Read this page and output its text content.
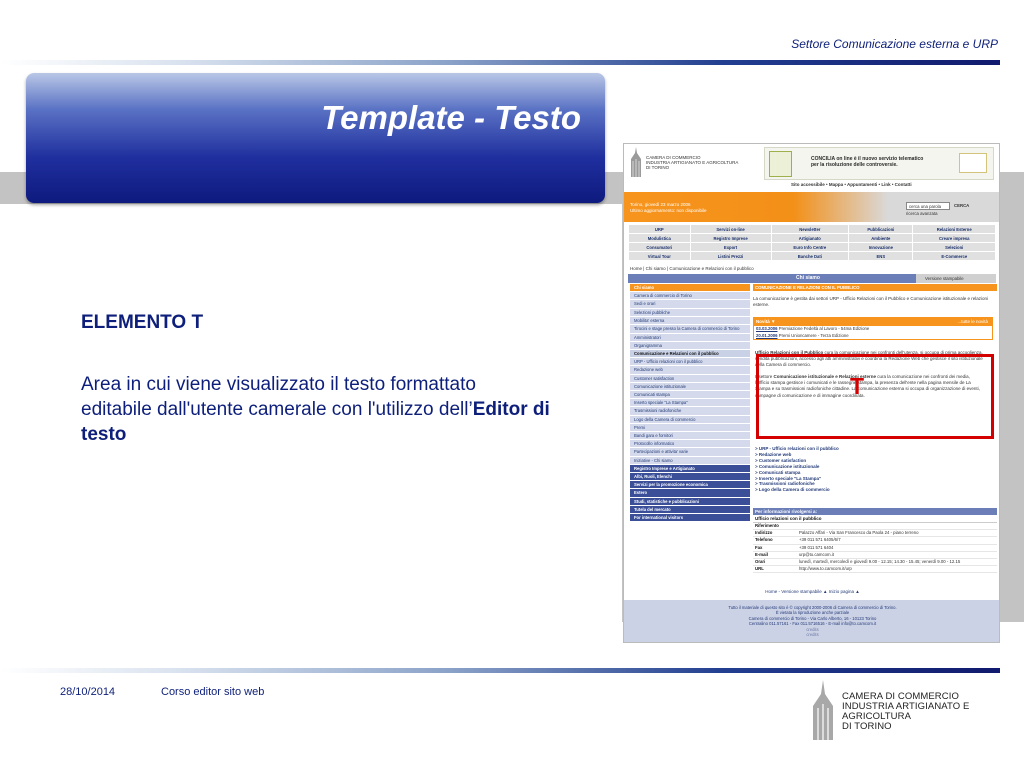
Settore Comunicazione esterna e URP
Template - Testo
ELEMENTO T
Area in cui viene visualizzato il testo formattato editabile dall'utente camerale con l'utilizzo dell’Editor di testo
CAMERA DI COMMERCIO
INDUSTRIA ARTIGIANATO E AGRICOLTURA
DI TORINO
CONCILIA on line è il nuovo servizio telematico
per la risoluzione delle controversie.
Sito accessibile • Mappa • Appuntamenti • Link • Contatti
Torino, giovedì 23 marzo 2006
Ultimo aggiornamento: non disponibile
cerca una parola	CERCA
ricerca avanzata
URP	Servizi on-line	Newsletter	Pubblicazioni	Relazioni Esterne
Modulistica	Registro Imprese	Artigianato	Ambiente	Creare impresa
Consumatori	Export	Euro Info Centre	Innovazione	Selezioni
Virtual Tour	Listini Prezzi	Banche Dati	ENS	E-Commerce
Home | Chi siamo | Comunicazione e Relazioni con il pubblico
Chi siamo	Versione stampabile
Chi siamo
Camera di commercio di Torino
Sedi e orari
Selezioni pubbliche
Mobilita' esterna
Tirocini e stage presso la Camera di commercio di Torino
Amministratori
Organigramma
Comunicazione e Relazioni con il pubblico
URP - Ufficio relazioni con il pubblico
Redazione web
Customer satisfaction
Comunicazione istituzionale
Comunicati stampa
Inserto speciale "La Stampa"
Trasmissioni radiofoniche
Logo della Camera di commercio
Premi
Bandi gara e fornitori
Protocollo informatico
Partecipazioni e attivita' varie
Iniziative - Chi siamo
Registro Imprese e Artigianato
Albi, Ruoli, Elenchi
Servizi per la promozione economica
Estero
Studi, statistiche e pubblicazioni
Tutela del mercato
For international visitors
COMUNICAZIONE E RELAZIONI CON IL PUBBLICO
La comunicazione è gestita dai settori URP - Ufficio Relazioni con il Pubblico e Comunicazione istituzionale e relazioni esterne.
Novità ▼	...tutte le novità
03.03.2006 Premiazione Fedeltà al Lavoro - 54ma Edizione
20.01.2006 Premi Unioncamere - Terza Edizione

Ufficio Relazioni con il Pubblico cura la comunicazione nei confronti dell'utenza, si occupa di prima accoglienza, vendita pubblicazioni, accesso agli atti amministrativi e coordina la Redazione Web che gestisce il sito istituzionale della Camera di commercio.

Il settore Comunicazione istituzionale e Relazioni esterne cura la comunicazione nei confronti dei media, l'Ufficio stampa gestisce i comunicati e le rassegne stampa, la presenza dell'ente nella pagina mensile de La Stampa e su trasmissioni radiofoniche cittadine. La comunicazione esterna si occupa di organizzazione di eventi, campagne di comunicazione e di immagine coordinata.

T
> URP - Ufficio relazioni con il pubblico
> Redazione web
> Customer satisfaction
> Comunicazione istituzionale
> Comunicati stampa
> Inserto speciale "La Stampa"
> Trasmissioni radiofoniche
> Logo della Camera di commercio
Per informazioni rivolgersi a:
Ufficio relazioni con il pubblico
Riferimento	
Indirizzo	Palazzo Affari - Via San Francesco da Paola 24 - piano terreno
Telefono	+39 011 571 6405/6/7
Fax	+39 011 571 6404
E-mail	urp@to.camcom.it
Orari	lunedì, martedì, mercoledì e giovedì 9.00 - 12.15; 14.30 - 15.45; venerdì 9.00 - 12.15
URL	http://www.to.camcom.it/urp
Home - Versione stampabile ▲ Inizio pagina ▲
Tutto il materiale di questo sito è © copyright 2000-2006 di Camera di commercio di Torino.
È vietata la riproduzione anche parziale
Camera di commercio di Torino - Via Carlo Alberto, 16 - 10123 Torino
Centralino 011.57161 - Fax 011.5716516 - E-mail info@to.camcom.it
credits
credits
28/10/2014	Corso editor sito web	CAMERA DI COMMERCIO
INDUSTRIA ARTIGIANATO E AGRICOLTURA
DI TORINO
